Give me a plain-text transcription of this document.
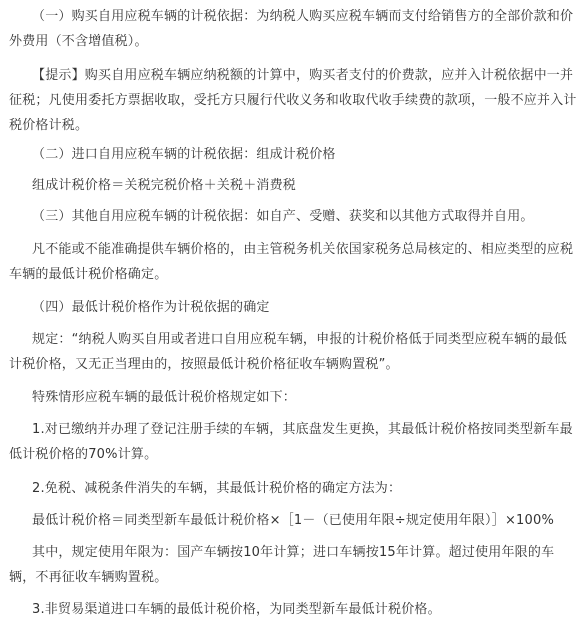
（一）购买自用应税车辆的计税依据：为纳税人购买应税车辆而支付给销售方的全部价款和价外费用（不含增值税）。

【提示】购买自用应税车辆应纳税额的计算中，购买者支付的价费款，应并入计税依据中一并征税；凡使用委托方票据收取，受托方只履行代收义务和收取代收手续费的款项，一般不应并入计税价格计税。

（二）进口自用应税车辆的计税依据：组成计税价格

组成计税价格＝关税完税价格＋关税＋消费税

（三）其他自用应税车辆的计税依据：如自产、受赠、获奖和以其他方式取得并自用。

凡不能或不能准确提供车辆价格的，由主管税务机关依国家税务总局核定的、相应类型的应税车辆的最低计税价格确定。

（四）最低计税价格作为计税依据的确定

规定：“纳税人购买自用或者进口自用应税车辆，申报的计税价格低于同类型应税车辆的最低计税价格，又无正当理由的，按照最低计税价格征收车辆购置税”。

特殊情形应税车辆的最低计税价格规定如下：

1.对已缴纳并办理了登记注册手续的车辆，其底盘发生更换，其最低计税价格按同类型新车最低计税价格的70%计算。

2.免税、减税条件消失的车辆，其最低计税价格的确定方法为：

最低计税价格＝同类型新车最低计税价格×［1－（已使用年限÷规定使用年限）］×100%

其中，规定使用年限为：国产车辆按10年计算；进口车辆按15年计算。超过使用年限的车辆，不再征收车辆购置税。

3.非贸易渠道进口车辆的最低计税价格，为同类型新车最低计税价格。
